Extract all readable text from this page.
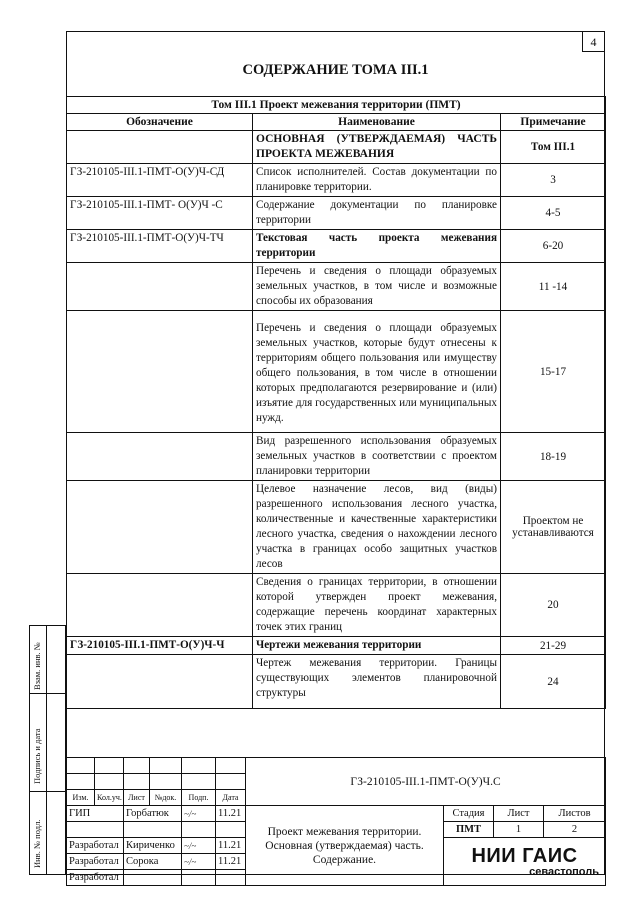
4
СОДЕРЖАНИЕ ТОМА III.1
Том III.1 Проект межевания территории (ПМТ)		
Обозначение	Наименование	Примечание
	ОСНОВНАЯ (УТВЕРЖДАЕМАЯ) ЧАСТЬ ПРОЕКТА МЕЖЕВАНИЯ	Том III.1
ГЗ-210105-III.1-ПМТ-О(У)Ч-СД	Список исполнителей. Состав документации по планировке территории.	3
ГЗ-210105-III.1-ПМТ- О(У)Ч -С	Содержание документации по планировке территории	4-5
ГЗ-210105-III.1-ПМТ-О(У)Ч-ТЧ	Текстовая часть проекта межевания территории	6-20
	Перечень и сведения о площади образуемых земельных участков, в том числе и возможные способы их образования	11 -14
	Перечень и сведения о площади образуемых земельных участков, которые будут отнесены к территориям общего пользования или имуществу общего пользования, в том числе в отношении которых предполагаются резервирование и (или) изъятие для государственных или муниципальных нужд.	15-17
	Вид разрешенного использования образуемых земельных участков в соответствии с проектом планировки территории	18-19
	Целевое назначение лесов, вид (виды) разрешенного использования лесного участка, количественные и качественные характеристики лесного участка, сведения о нахождении лесного участка в границах особо защитных участков лесов	Проектом не устанавливаются
	Сведения о границах территории, в отношении которой утвержден проект межевания, содержащие перечень координат характерных точек этих границ	20
ГЗ-210105-III.1-ПМТ-О(У)Ч-Ч	Чертежи межевания территории	21-29
	Чертеж межевания территории. Границы существующих элементов планировочной структуры	24
Взам. инв. №
Подпись и дата
Инв. № подл.
						ГЗ-210105-III.1-ПМТ-О(У)Ч.С			

Изм.	Кол.уч.	Лист	№док.	Подп.	Дата				
ГИП		Горбатюк		~/~	11.21	Проект межевания территории. Основная (утверждаемая) часть. Содержание.	Стадия	Лист	Листов
							ПМТ	1	2
Разработал		Кириченко		~/~	11.21		НИИ ГАИС
севастополь		

Разработал		Сорока		~/~	11.21				
Разработал									
